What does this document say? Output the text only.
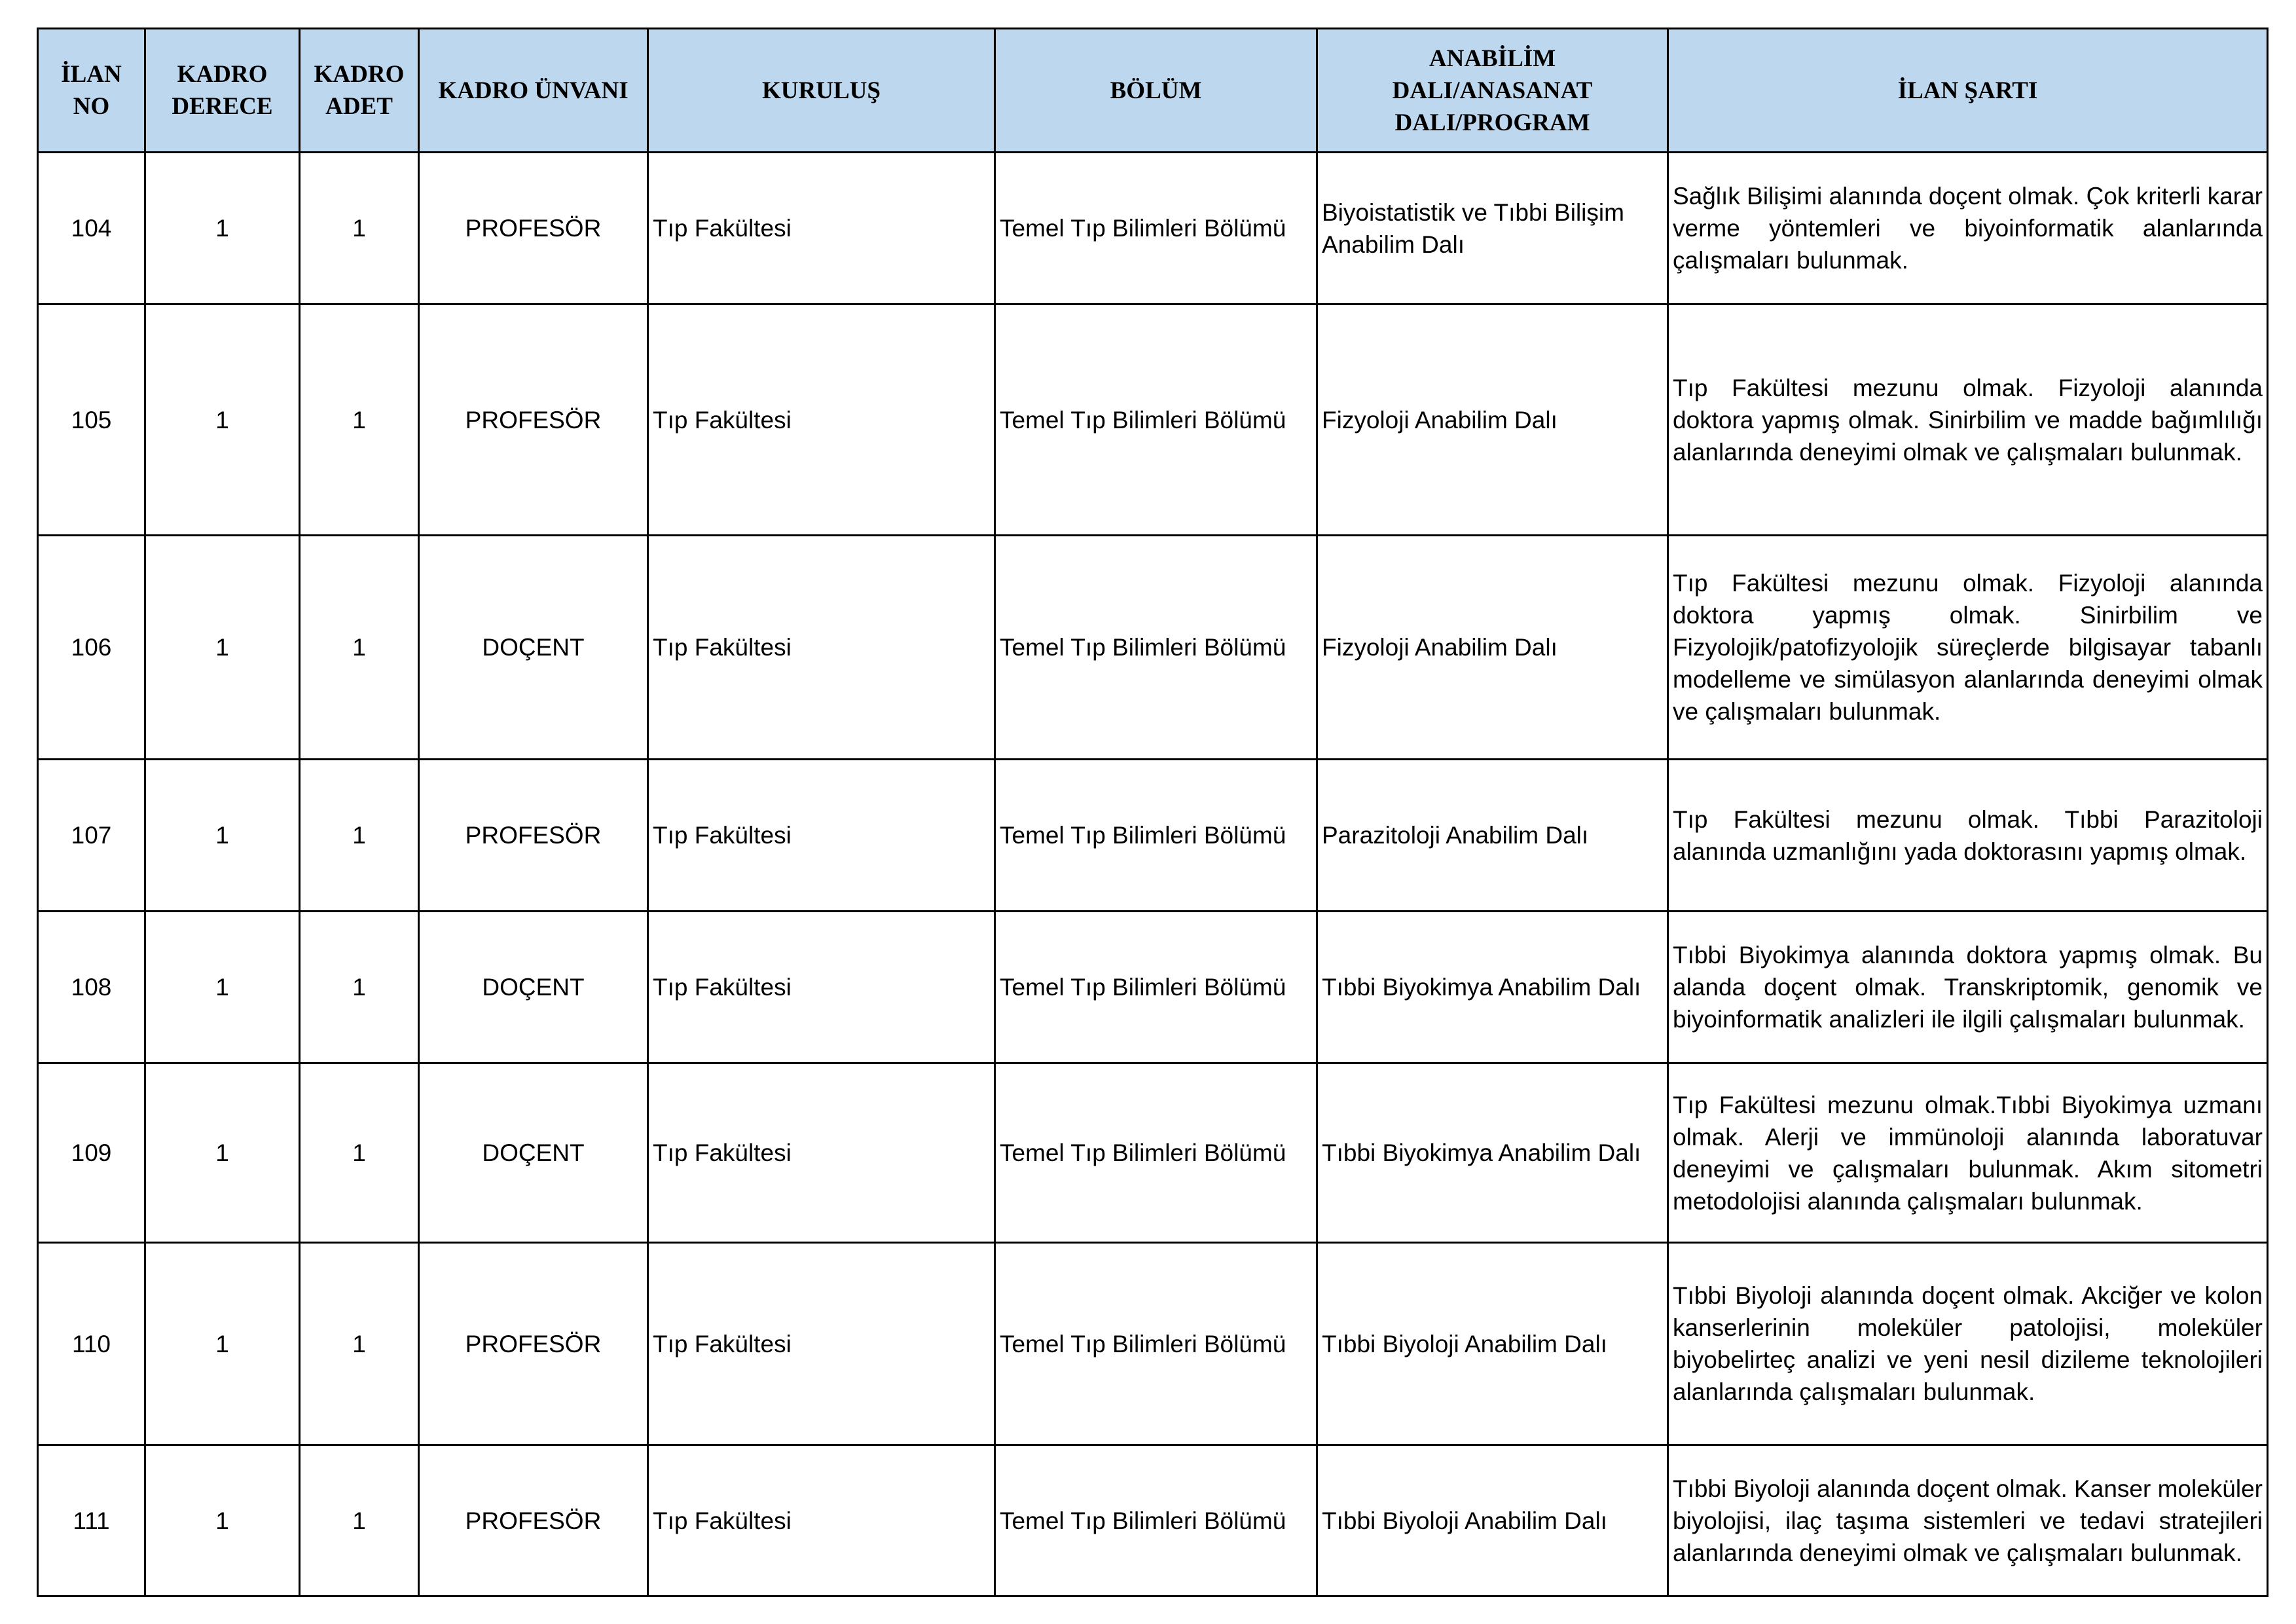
İLAN NO	KADRO DERECE	KADRO ADET	KADRO ÜNVANI	KURULUŞ	BÖLÜM	ANABİLİM DALI/ANASANAT DALI/PROGRAM	İLAN ŞARTI
104	1	1	PROFESÖR	Tıp Fakültesi	Temel Tıp Bilimleri Bölümü	Biyoistatistik ve Tıbbi Bilişim Anabilim Dalı	Sağlık Bilişimi alanında doçent olmak. Çok kriterli karar verme yöntemleri ve biyoinformatik alanlarında çalışmaları bulunmak.
105	1	1	PROFESÖR	Tıp Fakültesi	Temel Tıp Bilimleri Bölümü	Fizyoloji Anabilim Dalı	Tıp Fakültesi mezunu olmak. Fizyoloji alanında doktora yapmış olmak. Sinirbilim ve madde bağımlılığı alanlarında deneyimi olmak ve çalışmaları bulunmak.
106	1	1	DOÇENT	Tıp Fakültesi	Temel Tıp Bilimleri Bölümü	Fizyoloji Anabilim Dalı	Tıp Fakültesi mezunu olmak. Fizyoloji alanında doktora yapmış olmak. Sinirbilim ve Fizyolojik/patofizyolojik süreçlerde bilgisayar tabanlı modelleme ve simülasyon alanlarında deneyimi olmak ve çalışmaları bulunmak.
107	1	1	PROFESÖR	Tıp Fakültesi	Temel Tıp Bilimleri Bölümü	Parazitoloji Anabilim Dalı	Tıp Fakültesi mezunu olmak. Tıbbi Parazitoloji alanında uzmanlığını yada doktorasını yapmış olmak.
108	1	1	DOÇENT	Tıp Fakültesi	Temel Tıp Bilimleri Bölümü	Tıbbi Biyokimya Anabilim Dalı	Tıbbi Biyokimya alanında doktora yapmış olmak. Bu alanda doçent olmak. Transkriptomik, genomik ve biyoinformatik analizleri ile ilgili çalışmaları bulunmak.
109	1	1	DOÇENT	Tıp Fakültesi	Temel Tıp Bilimleri Bölümü	Tıbbi Biyokimya Anabilim Dalı	Tıp Fakültesi mezunu olmak.Tıbbi Biyokimya uzmanı olmak. Alerji ve immünoloji alanında laboratuvar deneyimi ve çalışmaları bulunmak. Akım sitometri metodolojisi alanında çalışmaları bulunmak.
110	1	1	PROFESÖR	Tıp Fakültesi	Temel Tıp Bilimleri Bölümü	Tıbbi Biyoloji Anabilim Dalı	Tıbbi Biyoloji alanında doçent olmak. Akciğer ve kolon kanserlerinin moleküler patolojisi, moleküler biyobelirteç analizi ve yeni nesil dizileme teknolojileri alanlarında çalışmaları bulunmak.
111	1	1	PROFESÖR	Tıp Fakültesi	Temel Tıp Bilimleri Bölümü	Tıbbi Biyoloji Anabilim Dalı	Tıbbi Biyoloji alanında doçent olmak. Kanser moleküler biyolojisi, ilaç taşıma sistemleri ve tedavi stratejileri alanlarında deneyimi olmak ve çalışmaları bulunmak.
